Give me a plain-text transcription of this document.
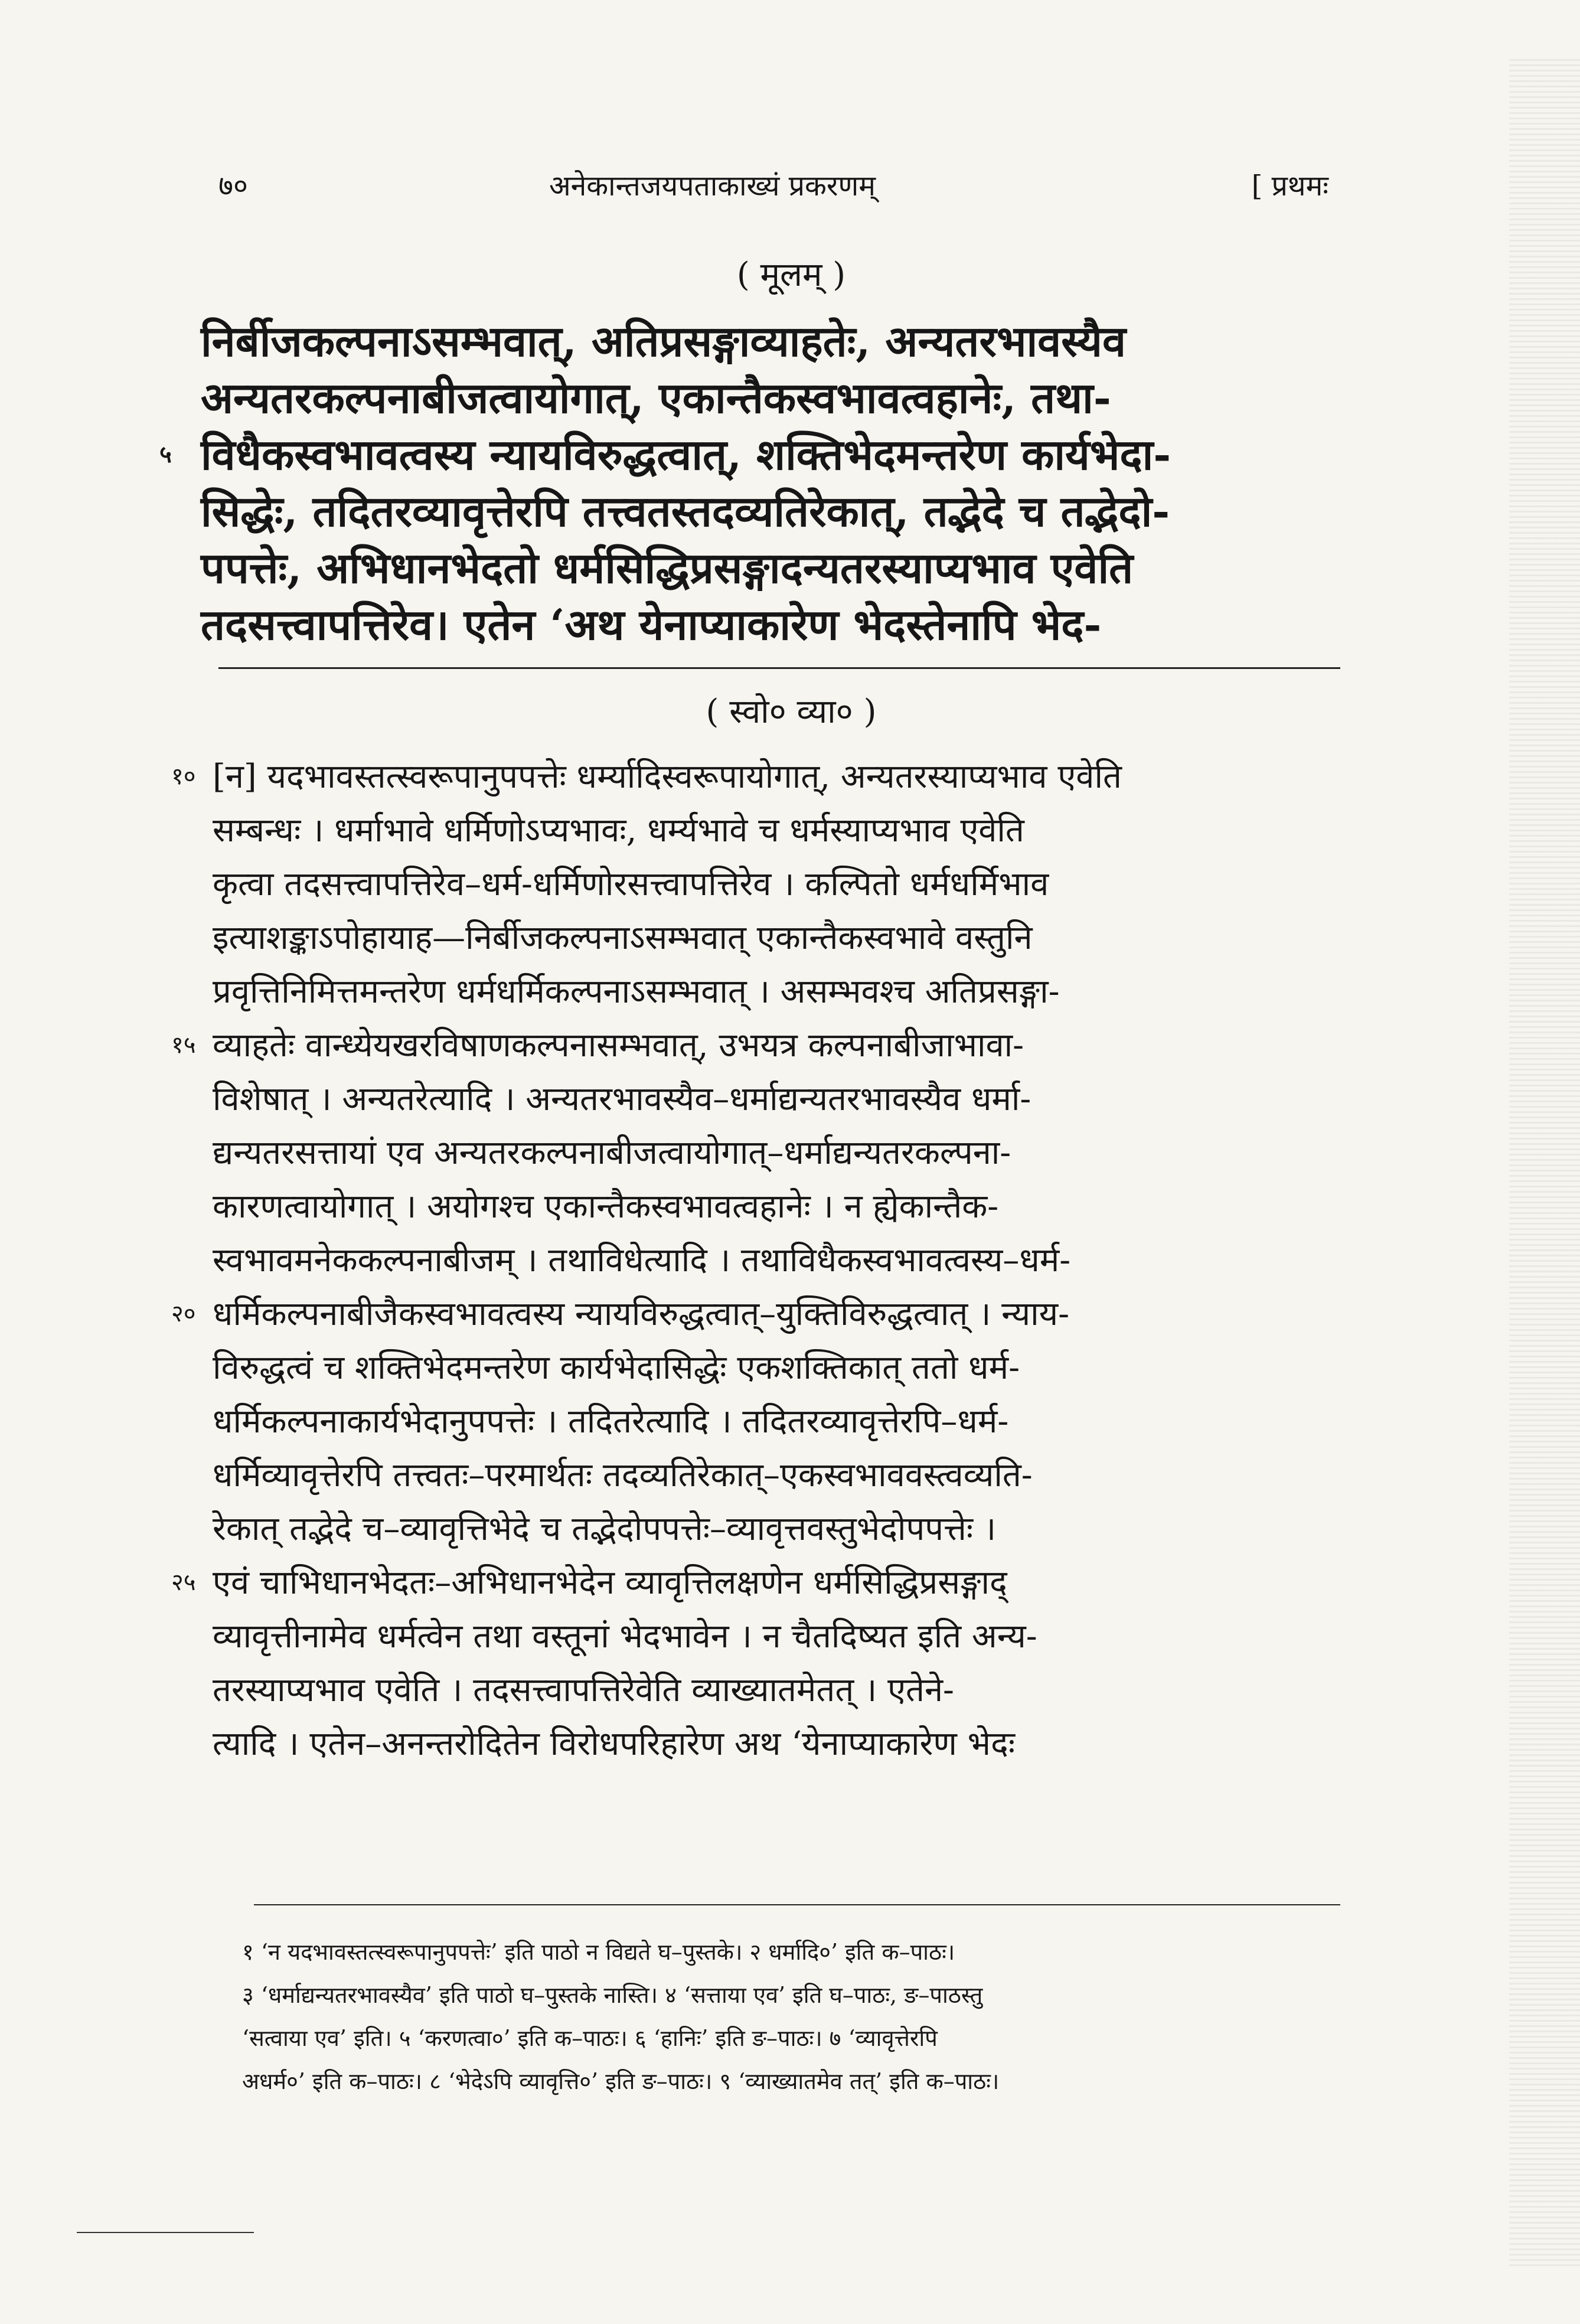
७०	अनेकान्तजयपताकाख्यं प्रकरणम्	[ प्रथमः
( मूलम् )
निर्बीजकल्पनाऽसम्भवात्, अतिप्रसङ्गाव्याहतेः, अन्यतरभावस्यैव
अन्यतरकल्पनाबीजत्वायोगात्, एकान्तैकस्वभावत्वहानेः, तथा-
५ विधैकस्वभावत्वस्य न्यायविरुद्धत्वात्, शक्तिभेदमन्तरेण कार्यभेदा-
सिद्धेः, तदितरव्यावृत्तेरपि तत्त्वतस्तदव्यतिरेकात्, तद्भेदे च तद्भेदो-
पपत्तेः, अभिधानभेदतो धर्मसिद्धिप्रसङ्गादन्यतरस्याप्यभाव एवेति
तदसत्त्वापत्तिरेव। एतेन ‘अथ येनाप्याकारेण भेदस्तेनापि भेद-
( स्वो० व्या० )
१० [न] यदभावस्तत्स्वरूपानुपपत्तेः धर्म्यादिस्वरूपायोगात्, अन्यतरस्याप्यभाव एवेति
सम्बन्धः । धर्माभावे धर्मिणोऽप्यभावः, धर्म्यभावे च धर्मस्याप्यभाव एवेति
कृत्वा तदसत्त्वापत्तिरेव–धर्म-धर्मिणोरसत्त्वापत्तिरेव । कल्पितो धर्मधर्मिभाव
इत्याशङ्काऽपोहायाह—निर्बीजकल्पनाऽसम्भवात् एकान्तैकस्वभावे वस्तुनि
प्रवृत्तिनिमित्तमन्तरेण धर्मधर्मिकल्पनाऽसम्भवात् । असम्भवश्च अतिप्रसङ्गा-
१५ व्याहतेः वान्ध्येयखरविषाणकल्पनासम्भवात्, उभयत्र कल्पनाबीजाभावा-
विशेषात् । अन्यतरेत्यादि । अन्यतरभावस्यैव–धर्माद्यन्यतरभावस्यैव धर्मा-
द्यन्यतरसत्तायां एव अन्यतरकल्पनाबीजत्वायोगात्–धर्माद्यन्यतरकल्पना-
कारणत्वायोगात् । अयोगश्च एकान्तैकस्वभावत्वहानेः । न ह्येकान्तैक-
स्वभावमनेककल्पनाबीजम् । तथाविधेत्यादि । तथाविधैकस्वभावत्वस्य–धर्म-
२० धर्मिकल्पनाबीजैकस्वभावत्वस्य न्यायविरुद्धत्वात्–युक्तिविरुद्धत्वात् । न्याय-
विरुद्धत्वं च शक्तिभेदमन्तरेण कार्यभेदासिद्धेः एकशक्तिकात् ततो धर्म-
धर्मिकल्पनाकार्यभेदानुपपत्तेः । तदितरेत्यादि । तदितरव्यावृत्तेरपि–धर्म-
धर्मिव्यावृत्तेरपि तत्त्वतः–परमार्थतः तदव्यतिरेकात्–एकस्वभाववस्त्वव्यति-
रेकात् तद्भेदे च–व्यावृत्तिभेदे च तद्भेदोपपत्तेः–व्यावृत्तवस्तुभेदोपपत्तेः ।
२५ एवं चाभिधानभेदतः–अभिधानभेदेन व्यावृत्तिलक्षणेन धर्मसिद्धिप्रसङ्गाद्
व्यावृत्तीनामेव धर्मत्वेन तथा वस्तूनां भेदभावेन । न चैतदिष्यत इति अन्य-
तरस्याप्यभाव एवेति । तदसत्त्वापत्तिरेवेति व्याख्यातमेतत् । एतेने-
त्यादि । एतेन–अनन्तरोदितेन विरोधपरिहारेण अथ ‘येनाप्याकारेण भेदः
१ ‘न यदभावस्तत्स्वरूपानुपपत्तेः’ इति पाठो न विद्यते घ–पुस्तके। २ धर्मादि०’ इति क–पाठः।
३ ‘धर्माद्यन्यतरभावस्यैव’ इति पाठो घ–पुस्तके नास्ति। ४ ‘सत्ताया एव’ इति घ–पाठः, ङ–पाठस्तु
‘सत्वाया एव’ इति। ५ ‘करणत्वा०’ इति क–पाठः। ६ ‘हानिः’ इति ङ–पाठः। ७ ‘व्यावृत्तेरपि
अधर्म०’ इति क–पाठः। ८ ‘भेदेऽपि व्यावृत्ति०’ इति ङ–पाठः। ९ ‘व्याख्यातमेव तत्’ इति क–पाठः।
